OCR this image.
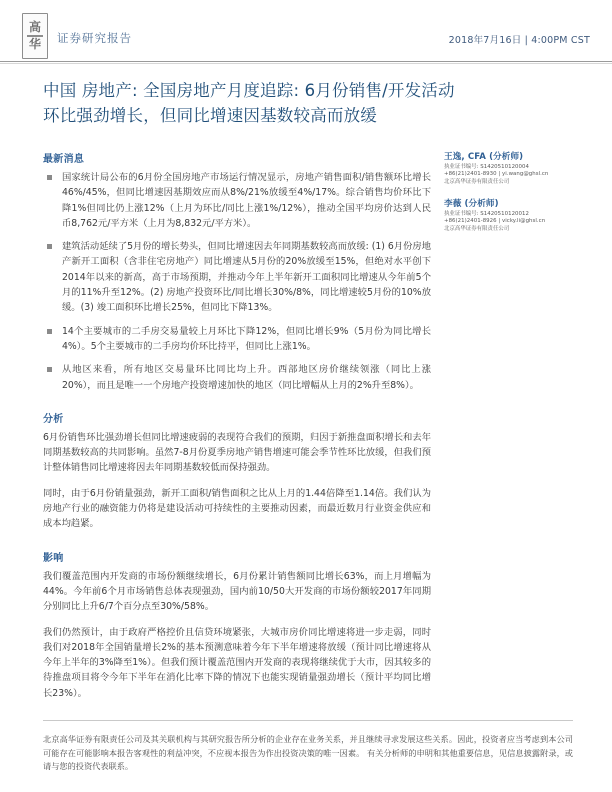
高
华 证券研究报告	2018年7月16日 | 4:00PM CST
中国 房地产: 全国房地产月度追踪: 6月份销售/开发活动
环比强劲增长，但同比增速因基数较高而放缓
最新消息
国家统计局公布的6月份全国房地产市场运行情况显示，房地产销售面积/销售额环比增长46%/45%，但同比增速因基期效应而从8%/21%放缓至4%/17%。综合销售均价环比下降1%但同比仍上涨12%（上月为环比/同比上涨1%/12%），推动全国平均房价达到人民币8,762元/平方米（上月为8,832元/平方米）。
建筑活动延续了5月份的增长势头，但同比增速因去年同期基数较高而放缓: (1) 6月份房地产新开工面积（含非住宅房地产）同比增速从5月份的20%放缓至15%，但绝对水平创下2014年以来的新高，高于市场预期，并推动今年上半年新开工面积同比增速从今年前5个月的11%升至12%。(2) 房地产投资环比/同比增长30%/8%，同比增速较5月份的10%放缓。(3) 竣工面积环比增长25%，但同比下降13%。
14个主要城市的二手房交易量较上月环比下降12%，但同比增长9%（5月份为同比增长4%）。5个主要城市的二手房均价环比持平，但同比上涨1%。
从地区来看，所有地区交易量环比同比均上升。西部地区房价继续领涨（同比上涨20%），而且是唯一一个房地产投资增速加快的地区（同比增幅从上月的2%升至8%）。
分析

6月份销售环比强劲增长但同比增速疲弱的表现符合我们的预期，归因于新推盘面积增长和去年同期基数较高的共同影响。虽然7-8月份夏季房地产销售增速可能会季节性环比放缓，但我们预计整体销售同比增速将因去年同期基数较低而保持强劲。

同时，由于6月份销量强劲，新开工面积/销售面积之比从上月的1.44倍降至1.14倍。我们认为房地产行业的融资能力仍将是建设活动可持续性的主要推动因素，而最近数月行业资金供应和成本均趋紧。

影响

我们覆盖范围内开发商的市场份额继续增长，6月份累计销售额同比增长63%，而上月增幅为44%。今年前6个月市场销售总体表现强劲，国内前10/50大开发商的市场份额较2017年同期分别同比上升6/7个百分点至30%/58%。

我们仍然预计，由于政府严格控价且信贷环境紧张，大城市房价同比增速将进一步走弱，同时我们对2018年全国销量增长2%的基本预测意味着今年下半年增速将放缓（预计同比增速将从今年上半年的3%降至1%）。但我们预计覆盖范围内开发商的表现将继续优于大市，因其较多的待推盘项目将令今年下半年在消化比率下降的情况下也能实现销量强劲增长（预计平均同比增长23%）。

王逸, CFA (分析师)
执业证书编号: S1420510120004
+86(21)2401-8930 | yi.wang@ghsl.cn
北京高华证券有限责任公司
李薇 (分析师)
执业证书编号: S1420510120012
+86(21)2401-8926 | vicky.li@ghsl.cn
北京高华证券有限责任公司
北京高华证券有限责任公司及其关联机构与其研究报告所分析的企业存在业务关系，并且继续寻求发展这些关系。因此，投资者应当考虑到本公司可能存在可能影响本报告客观性的利益冲突，不应视本报告为作出投资决策的唯一因素。 有关分析师的申明和其他重要信息，见信息披露附录，或请与您的投资代表联系。
